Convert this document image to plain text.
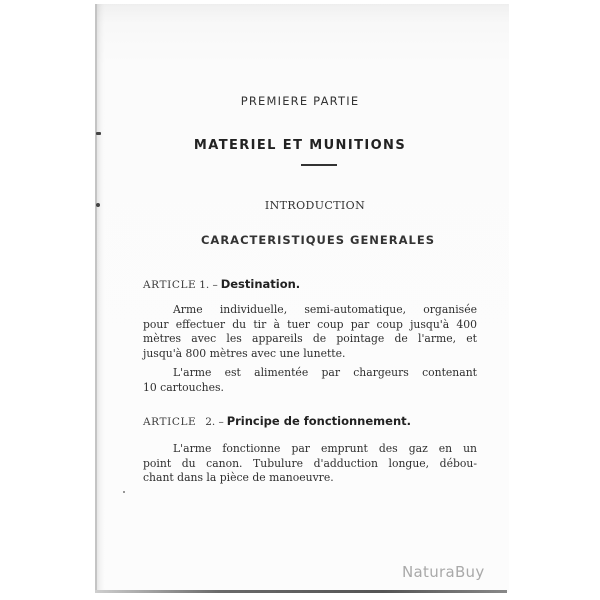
PREMIERE PARTIE
MATERIEL ET MUNITIONS
INTRODUCTION
CARACTERISTIQUES GENERALES
ARTICLE 1. – Destination.
Arme individuelle, semi-automatique, organisée
pour effectuer du tir à tuer coup par coup jusqu'à 400
mètres avec les appareils de pointage de l'arme, et
jusqu'à 800 mètres avec une lunette.
L'arme est alimentée par chargeurs contenant
10 cartouches.
ARTICLE 2. – Principe de fonctionnement.
L'arme fonctionne par emprunt des gaz en un
point du canon. Tubulure d'adduction longue, débou-
chant dans la pièce de manoeuvre.
NaturaBuy
